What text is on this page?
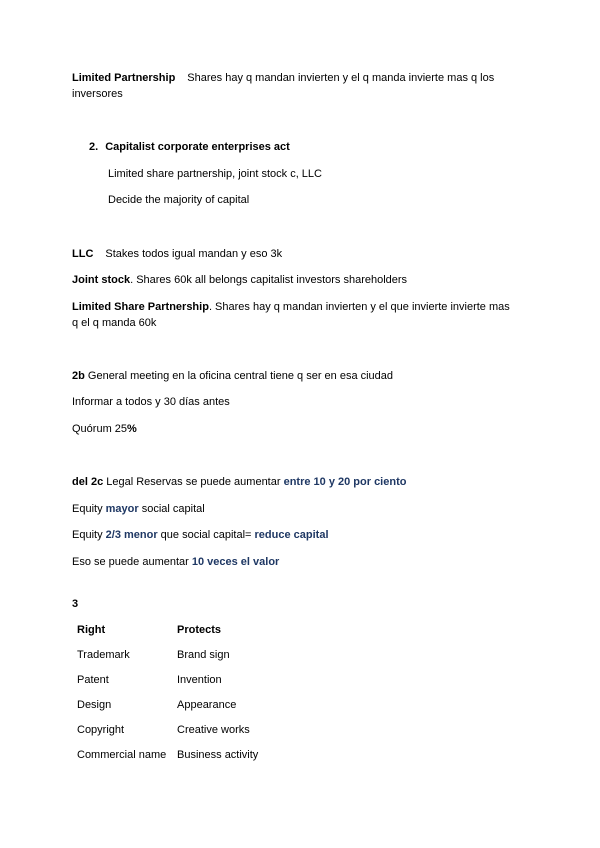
Limited Partnership Shares hay q mandan invierten y el q manda invierte mas q los
inversores
2. Capitalist corporate enterprises act
Limited share partnership, joint stock c, LLC
Decide the majority of capital
LLC Stakes todos igual mandan y eso 3k
Joint stock. Shares 60k all belongs capitalist investors shareholders
Limited Share Partnership. Shares hay q mandan invierten y el que invierte invierte mas
q el q manda 60k
2b General meeting en la oficina central tiene q ser en esa ciudad
Informar a todos y 30 días antes
Quórum 25%
del 2c Legal Reservas se puede aumentar entre 10 y 20 por ciento
Equity mayor social capital
Equity 2/3 menor que social capital= reduce capital
Eso se puede aumentar 10 veces el valor
3
Right	Protects
Trademark	Brand sign
Patent	Invention
Design	Appearance
Copyright	Creative works
Commercial name	Business activity
